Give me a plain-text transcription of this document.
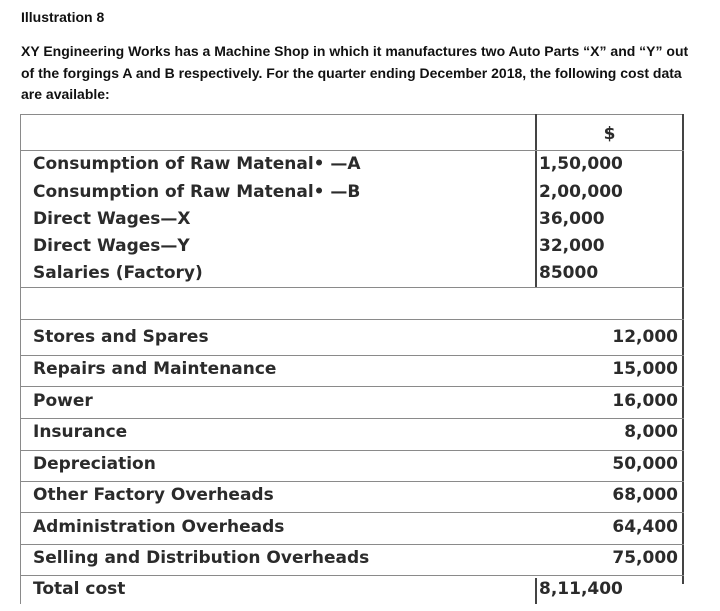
Illustration 8

XY Engineering Works has a Machine Shop in which it manufactures two Auto Parts “X” and “Y” out of the forgings A and B respectively. For the quarter ending December 2018, the following cost data are available:

$
Consumption of Raw Matenal• —A	1,50,000
Consumption of Raw Matenal• —B	2,00,000
Direct Wages—X	36,000
Direct Wages—Y	32,000
Salaries (Factory)	85000
Stores and Spares	12,000
Repairs and Maintenance	15,000
Power	16,000
Insurance	8,000
Depreciation	50,000
Other Factory Overheads	68,000
Administration Overheads	64,400
Selling and Distribution Overheads	75,000
Total cost	8,11,400
